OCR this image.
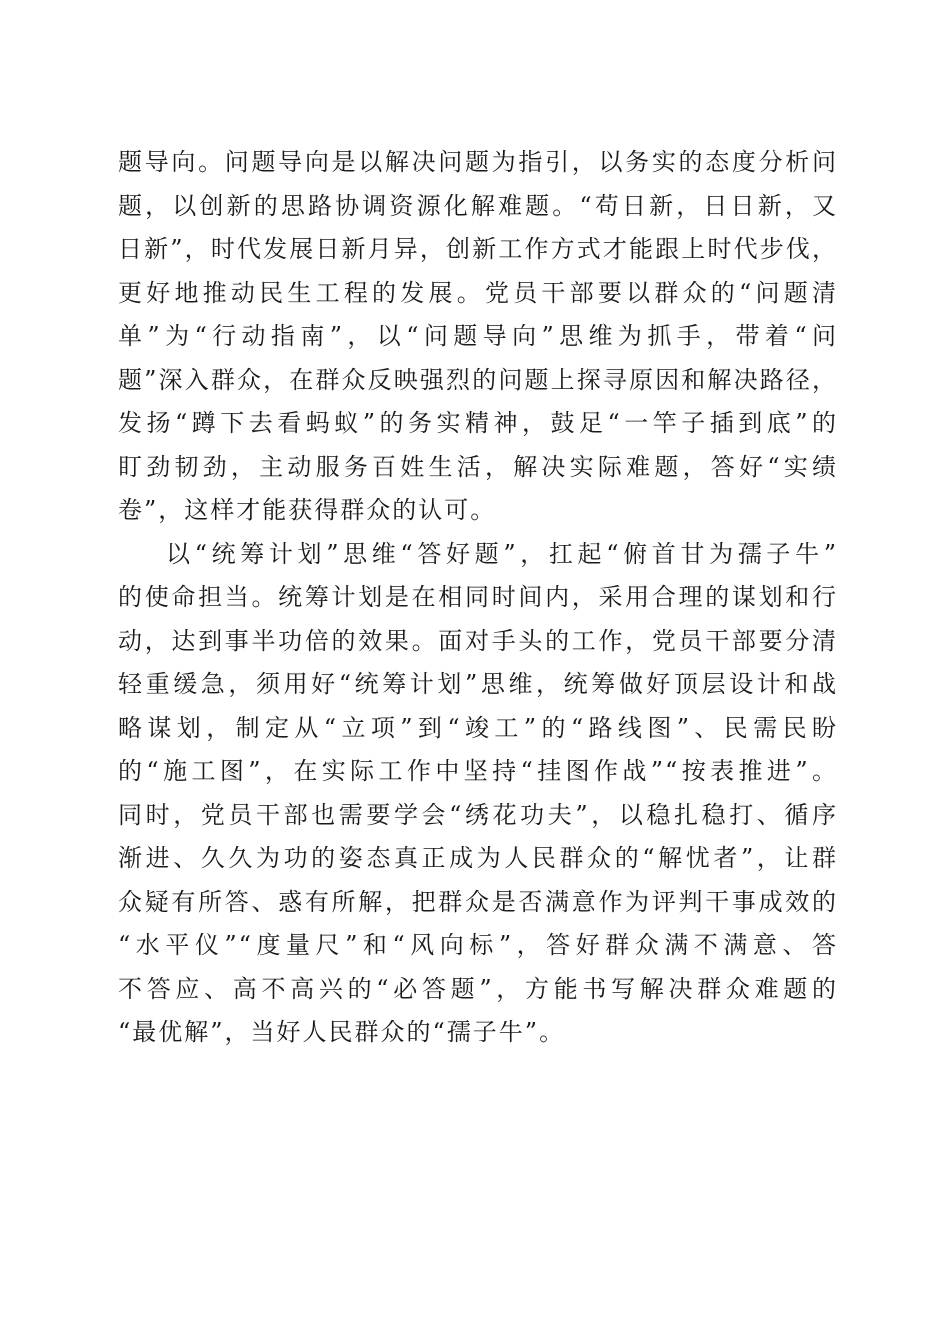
题导向。问题导向是以解决问题为指引，以务实的态度分析问
题，以创新的思路协调资源化解难题。“苟日新，日日新，又
日新”，时代发展日新月异，创新工作方式才能跟上时代步伐，
更好地推动民生工程的发展。党员干部要以群众的“问题清
单”为“行动指南”，以“问题导向”思维为抓手，带着“问
题”深入群众，在群众反映强烈的问题上探寻原因和解决路径，
发扬“蹲下去看蚂蚁”的务实精神，鼓足“一竿子插到底”的
盯劲韧劲，主动服务百姓生活，解决实际难题，答好“实绩
卷”，这样才能获得群众的认可。
以“统筹计划”思维“答好题”，扛起“俯首甘为孺子牛”
的使命担当。统筹计划是在相同时间内，采用合理的谋划和行
动，达到事半功倍的效果。面对手头的工作，党员干部要分清
轻重缓急，须用好“统筹计划”思维，统筹做好顶层设计和战
略谋划，制定从“立项”到“竣工”的“路线图”、民需民盼
的“施工图”，在实际工作中坚持“挂图作战”“按表推进”。
同时，党员干部也需要学会“绣花功夫”，以稳扎稳打、循序
渐进、久久为功的姿态真正成为人民群众的“解忧者”，让群
众疑有所答、惑有所解，把群众是否满意作为评判干事成效的
“水平仪”“度量尺”和“风向标”，答好群众满不满意、答
不答应、高不高兴的“必答题”，方能书写解决群众难题的
“最优解”，当好人民群众的“孺子牛”。
